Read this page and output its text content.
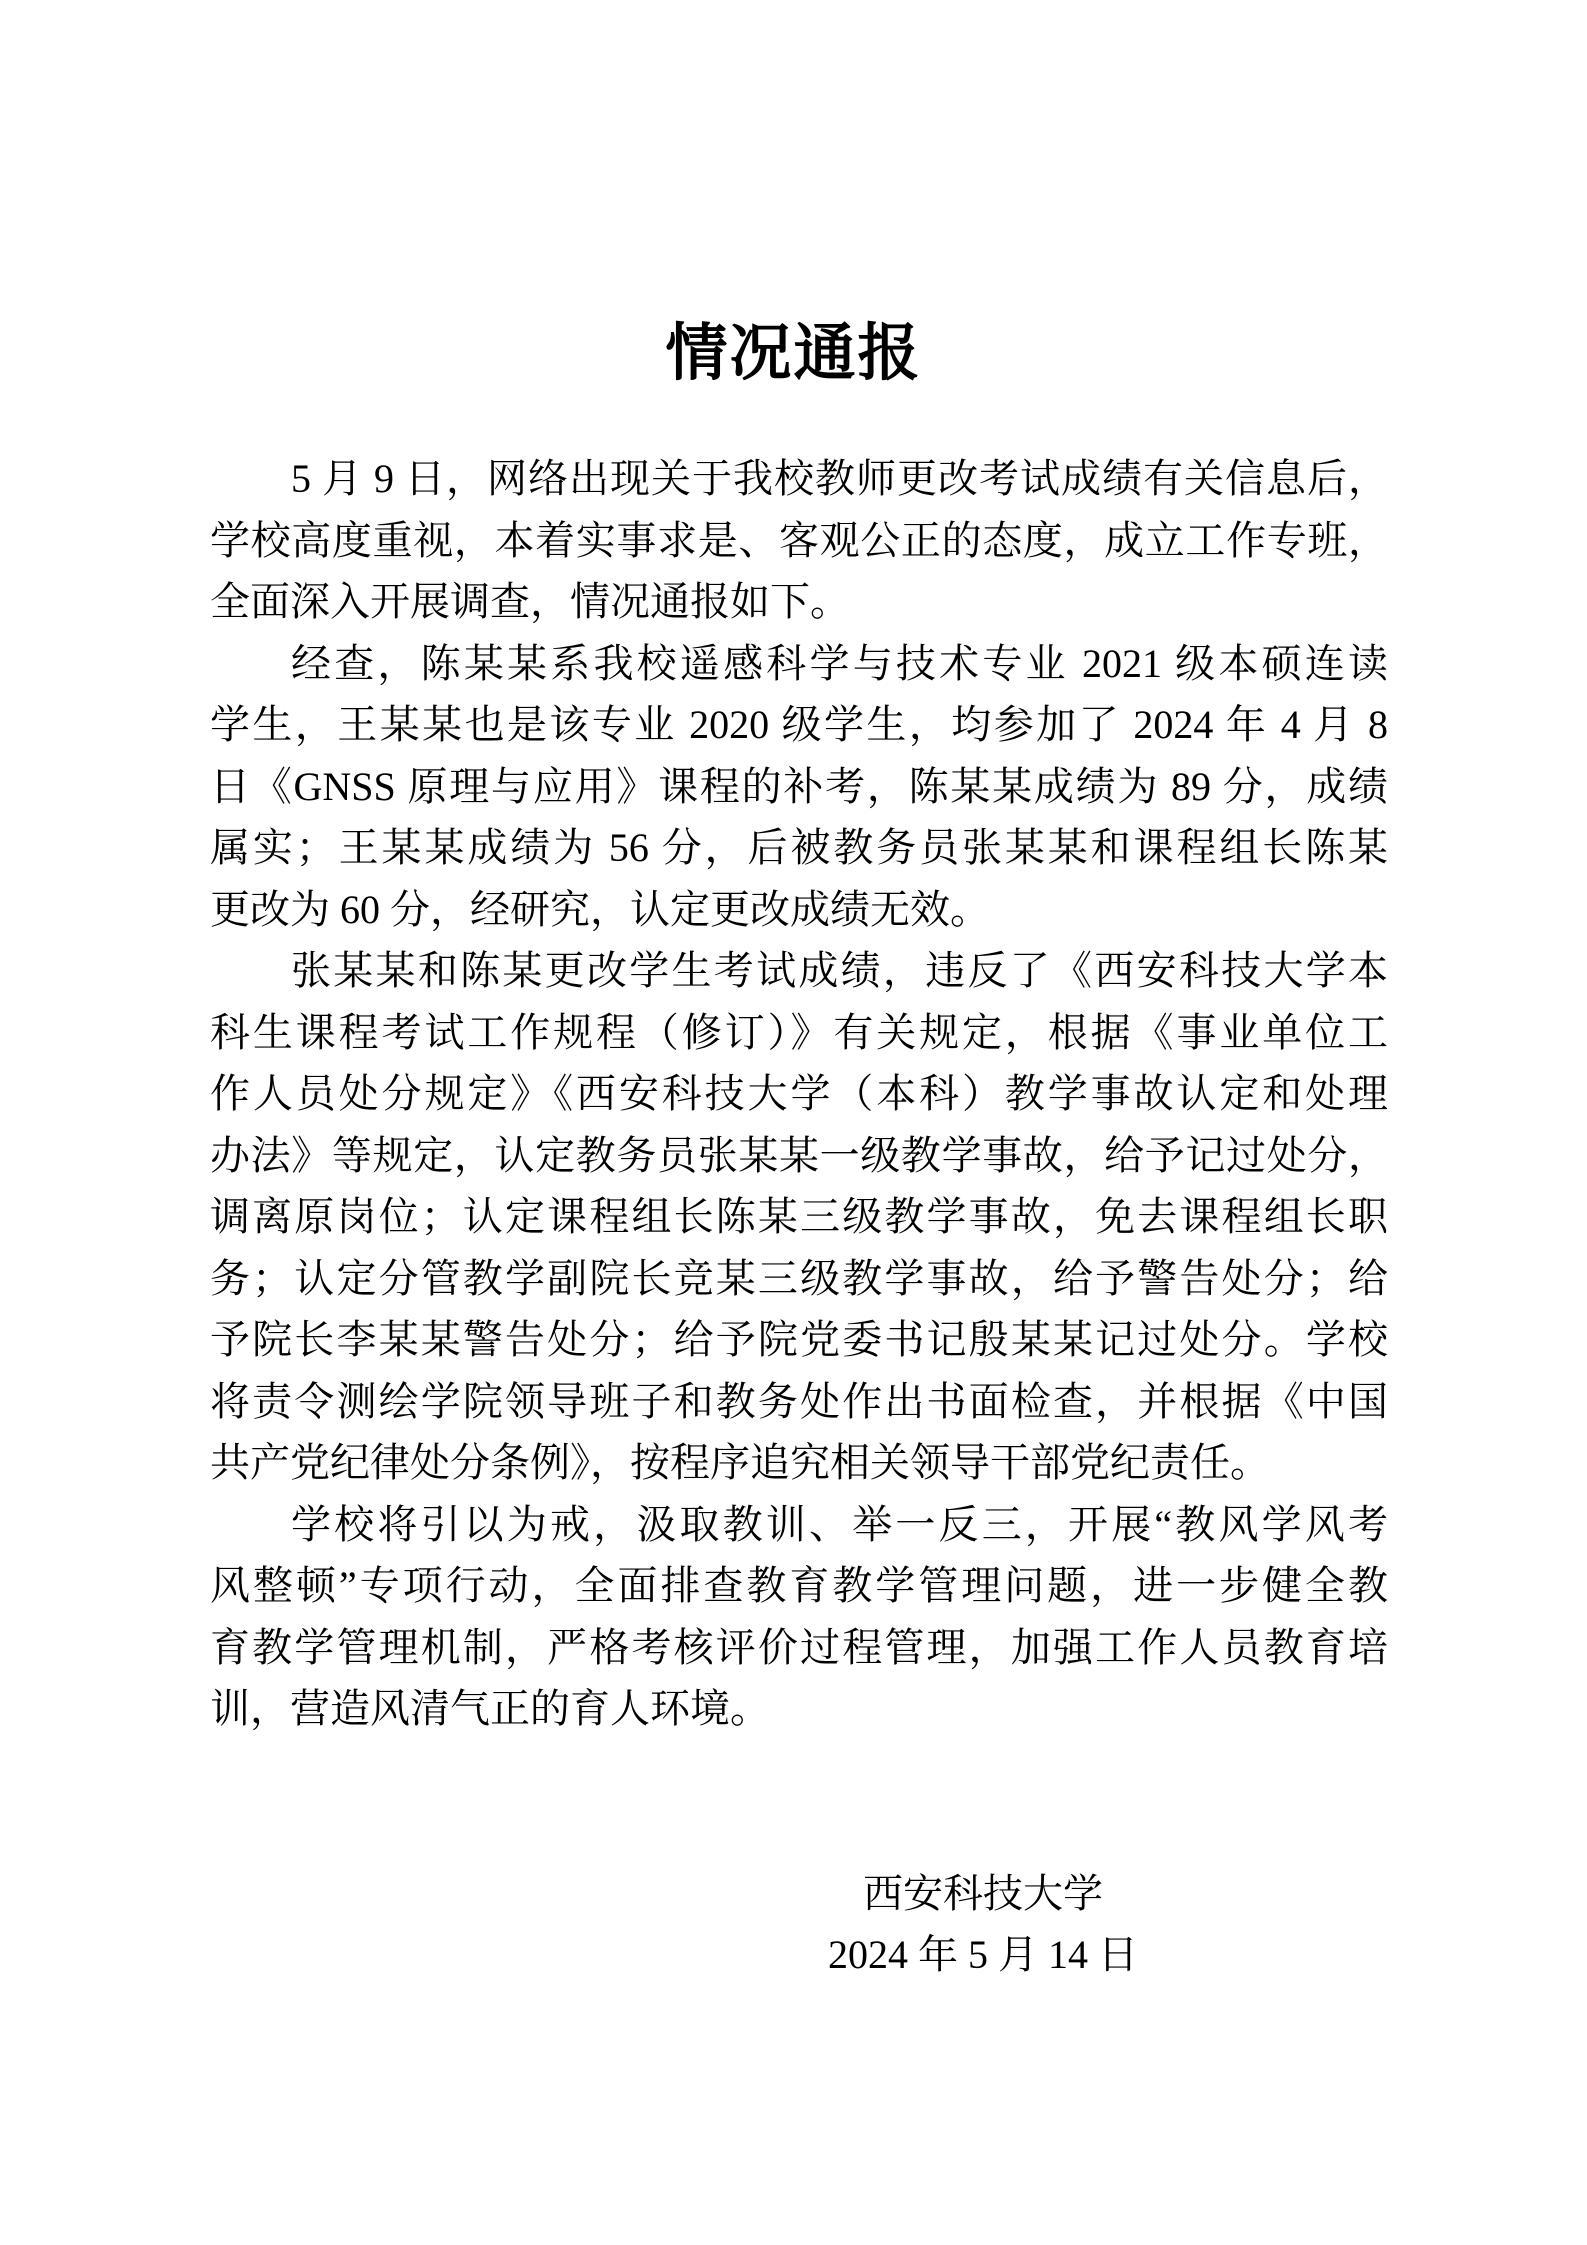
情况通报
5 月 9 日，网络出现关于我校教师更改考试成绩有关信息后，
学校高度重视，本着实事求是、客观公正的态度，成立工作专班，
全面深入开展调查，情况通报如下。
经查，陈某某系我校遥感科学与技术专业 2021 级本硕连读
学生，王某某也是该专业 2020 级学生，均参加了 2024 年 4 月 8
日《GNSS 原理与应用》课程的补考，陈某某成绩为 89 分，成绩
属实；王某某成绩为 56 分，后被教务员张某某和课程组长陈某
更改为 60 分，经研究，认定更改成绩无效。
张某某和陈某更改学生考试成绩，违反了《西安科技大学本
科生课程考试工作规程（修订）》有关规定，根据《事业单位工
作人员处分规定》《西安科技大学（本科）教学事故认定和处理
办法》等规定，认定教务员张某某一级教学事故，给予记过处分，
调离原岗位；认定课程组长陈某三级教学事故，免去课程组长职
务；认定分管教学副院长竞某三级教学事故，给予警告处分；给
予院长李某某警告处分；给予院党委书记殷某某记过处分。学校
将责令测绘学院领导班子和教务处作出书面检查，并根据《中国
共产党纪律处分条例》，按程序追究相关领导干部党纪责任。
学校将引以为戒，汲取教训、举一反三，开展“教风学风考
风整顿”专项行动，全面排查教育教学管理问题，进一步健全教
育教学管理机制，严格考核评价过程管理，加强工作人员教育培
训，营造风清气正的育人环境。
西安科技大学
2024 年 5 月 14 日
